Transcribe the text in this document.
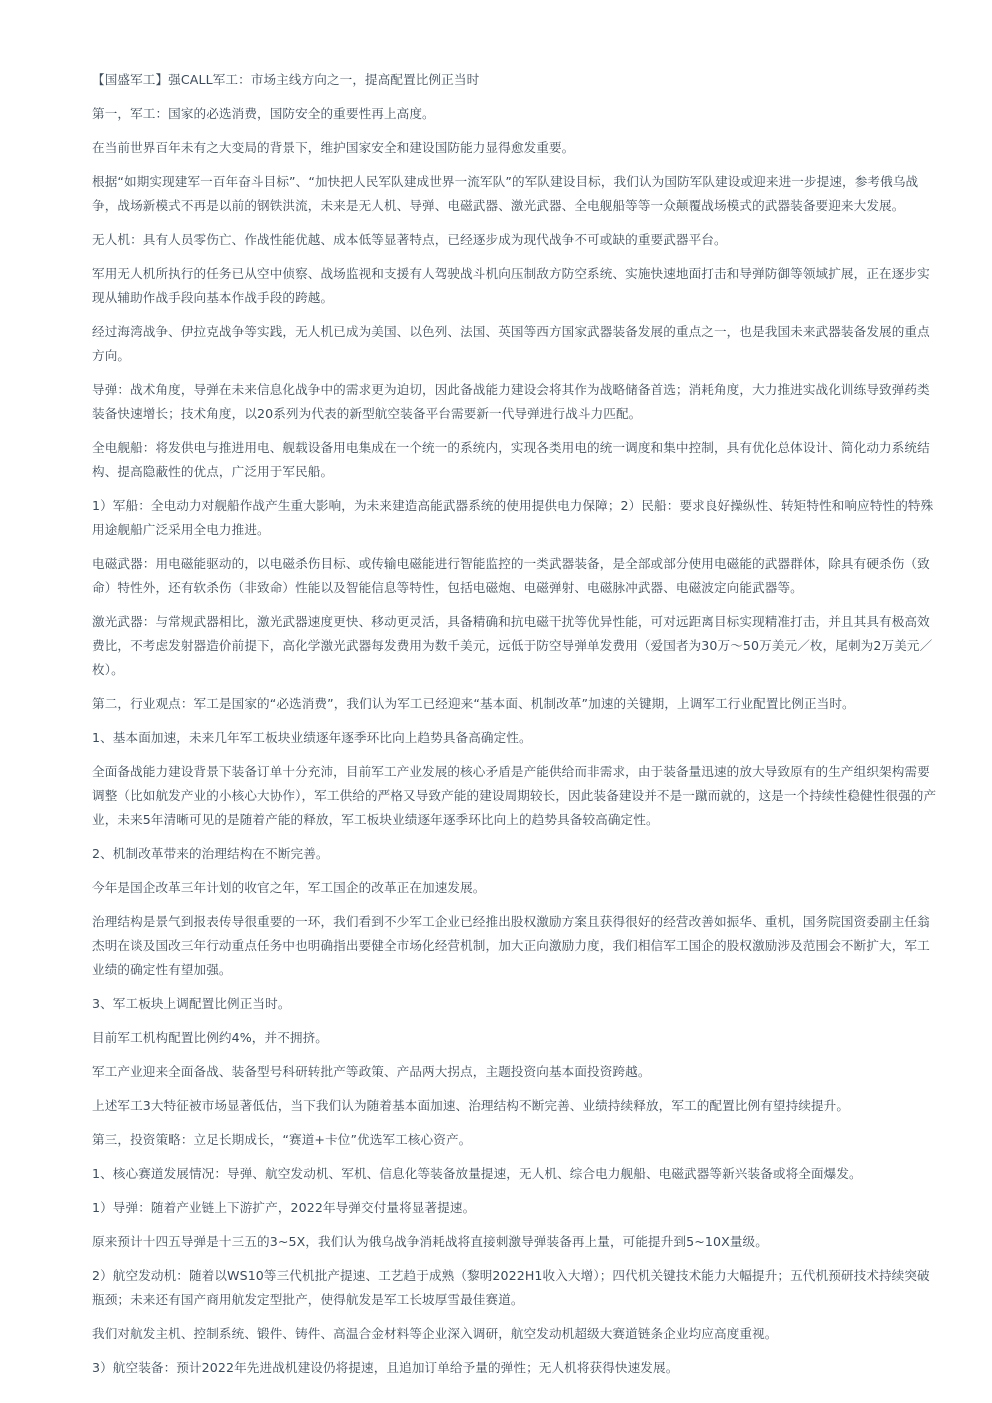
【国盛军工】强CALL军工：市场主线方向之一，提高配置比例正当时

第一，军工：国家的必选消费，国防安全的重要性再上高度。

在当前世界百年未有之大变局的背景下，维护国家安全和建设国防能力显得愈发重要。

根据“如期实现建军一百年奋斗目标”、“加快把人民军队建成世界一流军队”的军队建设目标，我们认为国防军队建设或迎来进一步提速，参考俄乌战争，战场新模式不再是以前的钢铁洪流，未来是无人机、导弹、电磁武器、激光武器、全电舰船等等一众颠覆战场模式的武器装备要迎来大发展。

无人机：具有人员零伤亡、作战性能优越、成本低等显著特点，已经逐步成为现代战争不可或缺的重要武器平台。

军用无人机所执行的任务已从空中侦察、战场监视和支援有人驾驶战斗机向压制敌方防空系统、实施快速地面打击和导弹防御等领域扩展，正在逐步实现从辅助作战手段向基本作战手段的跨越。

经过海湾战争、伊拉克战争等实践，无人机已成为美国、以色列、法国、英国等西方国家武器装备发展的重点之一，也是我国未来武器装备发展的重点方向。

导弹：战术角度，导弹在未来信息化战争中的需求更为迫切，因此备战能力建设会将其作为战略储备首选；消耗角度，大力推进实战化训练导致弹药类装备快速增长；技术角度，以20系列为代表的新型航空装备平台需要新一代导弹进行战斗力匹配。

全电舰船：将发供电与推进用电、舰载设备用电集成在一个统一的系统内，实现各类用电的统一调度和集中控制，具有优化总体设计、简化动力系统结构、提高隐蔽性的优点，广泛用于军民船。

1）军船：全电动力对舰船作战产生重大影响，为未来建造高能武器系统的使用提供电力保障；2）民船：要求良好操纵性、转矩特性和响应特性的特殊用途舰船广泛采用全电力推进。

电磁武器：用电磁能驱动的，以电磁杀伤目标、或传输电磁能进行智能监控的一类武器装备，是全部或部分使用电磁能的武器群体，除具有硬杀伤（致命）特性外，还有软杀伤（非致命）性能以及智能信息等特性，包括电磁炮、电磁弹射、电磁脉冲武器、电磁波定向能武器等。

激光武器：与常规武器相比，激光武器速度更快、移动更灵活，具备精确和抗电磁干扰等优异性能，可对远距离目标实现精准打击，并且其具有极高效费比，不考虑发射器造价前提下，高化学激光武器每发费用为数千美元，远低于防空导弹单发费用（爱国者为30万～50万美元／枚，尾刺为2万美元／枚）。

第二，行业观点：军工是国家的“必选消费”，我们认为军工已经迎来“基本面、机制改革”加速的关键期，上调军工行业配置比例正当时。

1、基本面加速，未来几年军工板块业绩逐年逐季环比向上趋势具备高确定性。

全面备战能力建设背景下装备订单十分充沛，目前军工产业发展的核心矛盾是产能供给而非需求，由于装备量迅速的放大导致原有的生产组织架构需要调整（比如航发产业的小核心大协作），军工供给的严格又导致产能的建设周期较长，因此装备建设并不是一蹴而就的，这是一个持续性稳健性很强的产业，未来5年清晰可见的是随着产能的释放，军工板块业绩逐年逐季环比向上的趋势具备较高确定性。

2、机制改革带来的治理结构在不断完善。

今年是国企改革三年计划的收官之年，军工国企的改革正在加速发展。

治理结构是景气到报表传导很重要的一环，我们看到不少军工企业已经推出股权激励方案且获得很好的经营改善如振华、重机，国务院国资委副主任翁杰明在谈及国改三年行动重点任务中也明确指出要健全市场化经营机制，加大正向激励力度，我们相信军工国企的股权激励涉及范围会不断扩大，军工业绩的确定性有望加强。

3、军工板块上调配置比例正当时。

目前军工机构配置比例约4%，并不拥挤。

军工产业迎来全面备战、装备型号科研转批产等政策、产品两大拐点，主题投资向基本面投资跨越。

上述军工3大特征被市场显著低估，当下我们认为随着基本面加速、治理结构不断完善、业绩持续释放，军工的配置比例有望持续提升。

第三，投资策略：立足长期成长，“赛道+卡位”优选军工核心资产。

1、核心赛道发展情况：导弹、航空发动机、军机、信息化等装备放量提速，无人机、综合电力舰船、电磁武器等新兴装备或将全面爆发。

1）导弹：随着产业链上下游扩产，2022年导弹交付量将显著提速。

原来预计十四五导弹是十三五的3~5X，我们认为俄乌战争消耗战将直接刺激导弹装备再上量，可能提升到5~10X量级。

2）航空发动机：随着以WS10等三代机批产提速、工艺趋于成熟（黎明2022H1收入大增）；四代机关键技术能力大幅提升；五代机预研技术持续突破瓶颈；未来还有国产商用航发定型批产，使得航发是军工长坡厚雪最佳赛道。

我们对航发主机、控制系统、锻件、铸件、高温合金材料等企业深入调研，航空发动机超级大赛道链条企业均应高度重视。

3）航空装备：预计2022年先进战机建设仍将提速，且追加订单给予量的弹性；无人机将获得快速发展。
